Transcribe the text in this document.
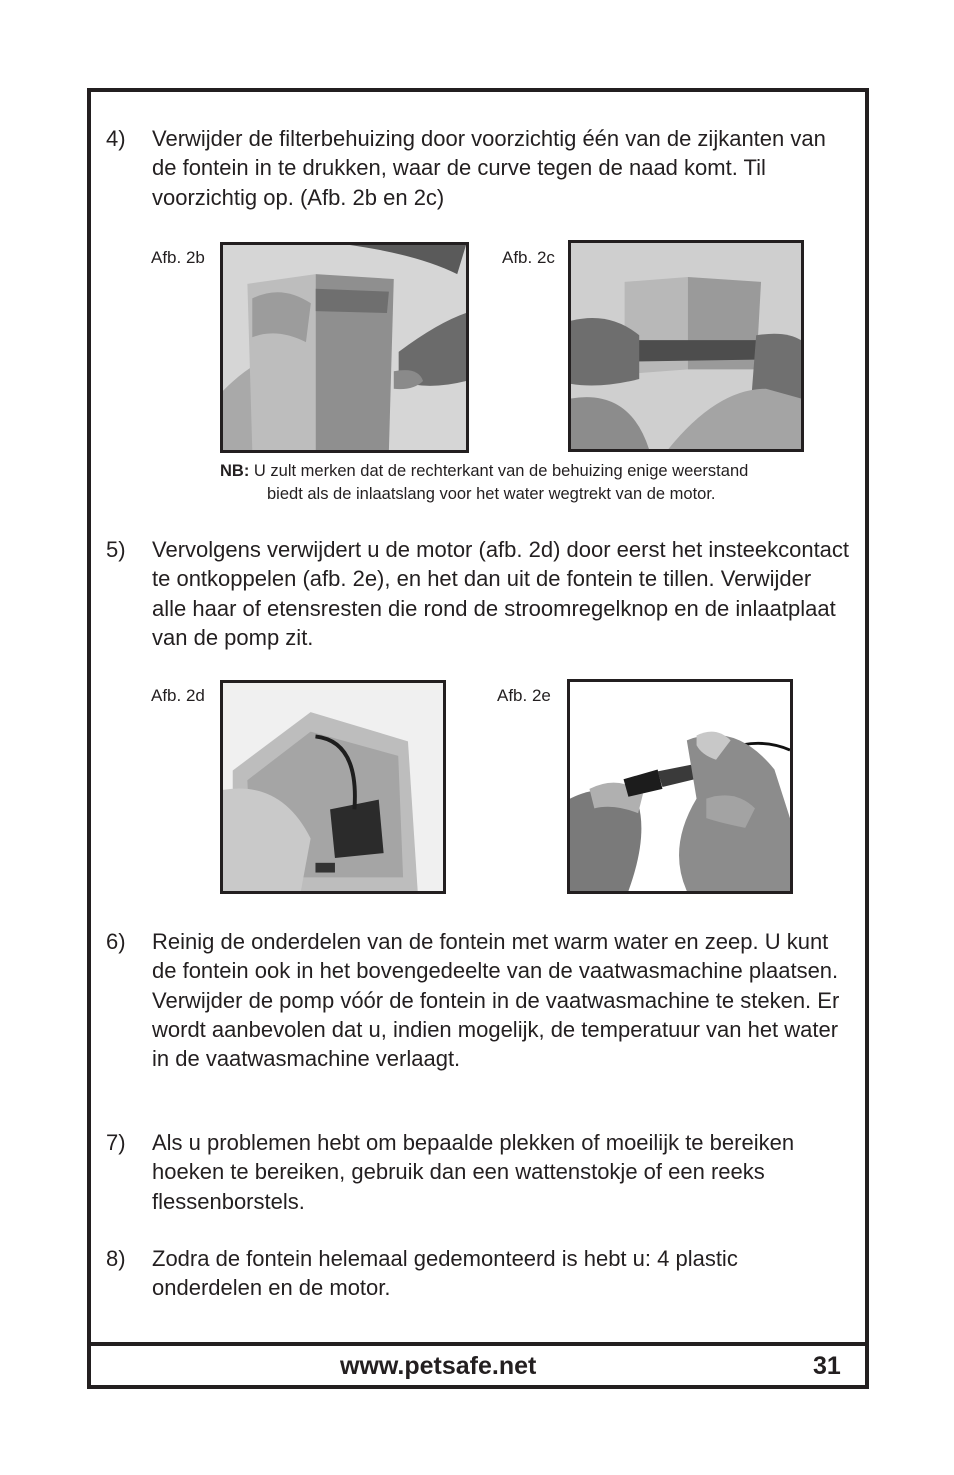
4)	Verwijder de filterbehuizing door voorzichtig één van de zijkanten van de fontein in te drukken, waar de curve tegen de naad komt. Til voorzichtig op. (Afb. 2b en 2c)
Afb. 2b	Afb. 2c
NB: U zult merken dat de rechterkant van de behuizing enige weerstand
biedt als de inlaatslang voor het water wegtrekt van de motor.
5)	Vervolgens verwijdert u de motor (afb. 2d) door eerst het insteekcontact te ontkoppelen (afb. 2e), en het dan uit de fontein te tillen. Verwijder alle haar of etensresten die rond de stroomregelknop en de inlaatplaat van de pomp zit.
Afb. 2d	Afb. 2e
6)	Reinig de onderdelen van de fontein met warm water en zeep. U kunt de fontein ook in het bovengedeelte van de vaatwasmachine plaatsen. Verwijder de pomp vóór de fontein in de vaatwasmachine te steken. Er wordt aanbevolen dat u, indien mogelijk, de temperatuur van het water in de vaatwasmachine verlaagt.
7)	Als u problemen hebt om bepaalde plekken of moeilijk te bereiken hoeken te bereiken, gebruik dan een wattenstokje of een reeks flessenborstels.
8)	Zodra de fontein helemaal gedemonteerd is hebt u: 4 plastic onderdelen en de motor.
www.petsafe.net	31
